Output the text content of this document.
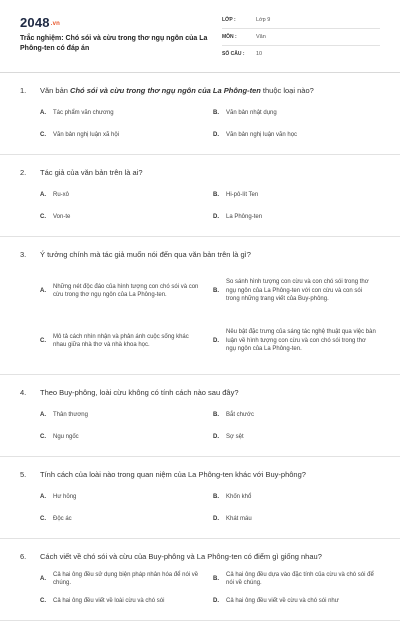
2048.vn
Trắc nghiệm: Chó sói và cừu trong thơ ngụ ngôn của La Phông-ten có đáp án
LỚP :	Lớp 9
MÔN :	Văn
SỐ CÂU :	10
1.	Văn bản Chó sói và cừu trong thơ ngụ ngôn của La Phông-ten thuộc loại nào?
A.	Tác phẩm văn chương	B.	Văn bản nhật dụng
C.	Văn bản nghị luận xã hội	D.	Văn bản nghị luận văn học
2.	Tác giả của văn bản trên là ai?
A.	Ru-xô	B.	Hi-pô-lít Ten
C.	Von-te	D.	La Phông-ten
3.	Ý tưởng chính mà tác giả muốn nói đến qua văn bản trên là gì?
A.
Những nét độc đáo của hình tượng con chó sói và con cừu trong thơ ngụ ngôn của La Phông-ten.
B.
So sánh hình tượng con cừu và con chó sói trong thơ ngụ ngôn của La Phông-ten với con cừu và con sói trong những trang viết của Buy-phông.
C.
Mô tả cách nhìn nhận và phản ánh cuộc sống khác nhau giữa nhà thơ và nhà khoa học.
D.
Nêu bật đặc trưng của sáng tác nghệ thuật qua việc bàn luận về hình tượng con cừu và con chó sói trong thơ ngụ ngôn của La Phông-ten.
4.	Theo Buy-phông, loài cừu không có tính cách nào sau đây?
A.	Thân thương	B.	Bắt chước
C.	Ngu ngốc	D.	Sợ sệt
5.	Tính cách của loài nào trong quan niệm của La Phông-ten khác với Buy-phông?
A.	Hư hỏng	B.	Khốn khổ
C.	Độc ác	D.	Khát máu
6.	Cách viết về chó sói và cừu của Buy-phông và La Phông-ten có điểm gì giống nhau?
A.
Cả hai ông đều sử dụng biện pháp nhân hóa để nói về chúng.
B.
Cả hai ông đều dựa vào đặc tính của cừu và chó sói để nói về chúng.
C.	Cả hai ông đều viết về loài cừu và chó sói	D.	Cả hai ông đều viết về cừu và chó sói như
